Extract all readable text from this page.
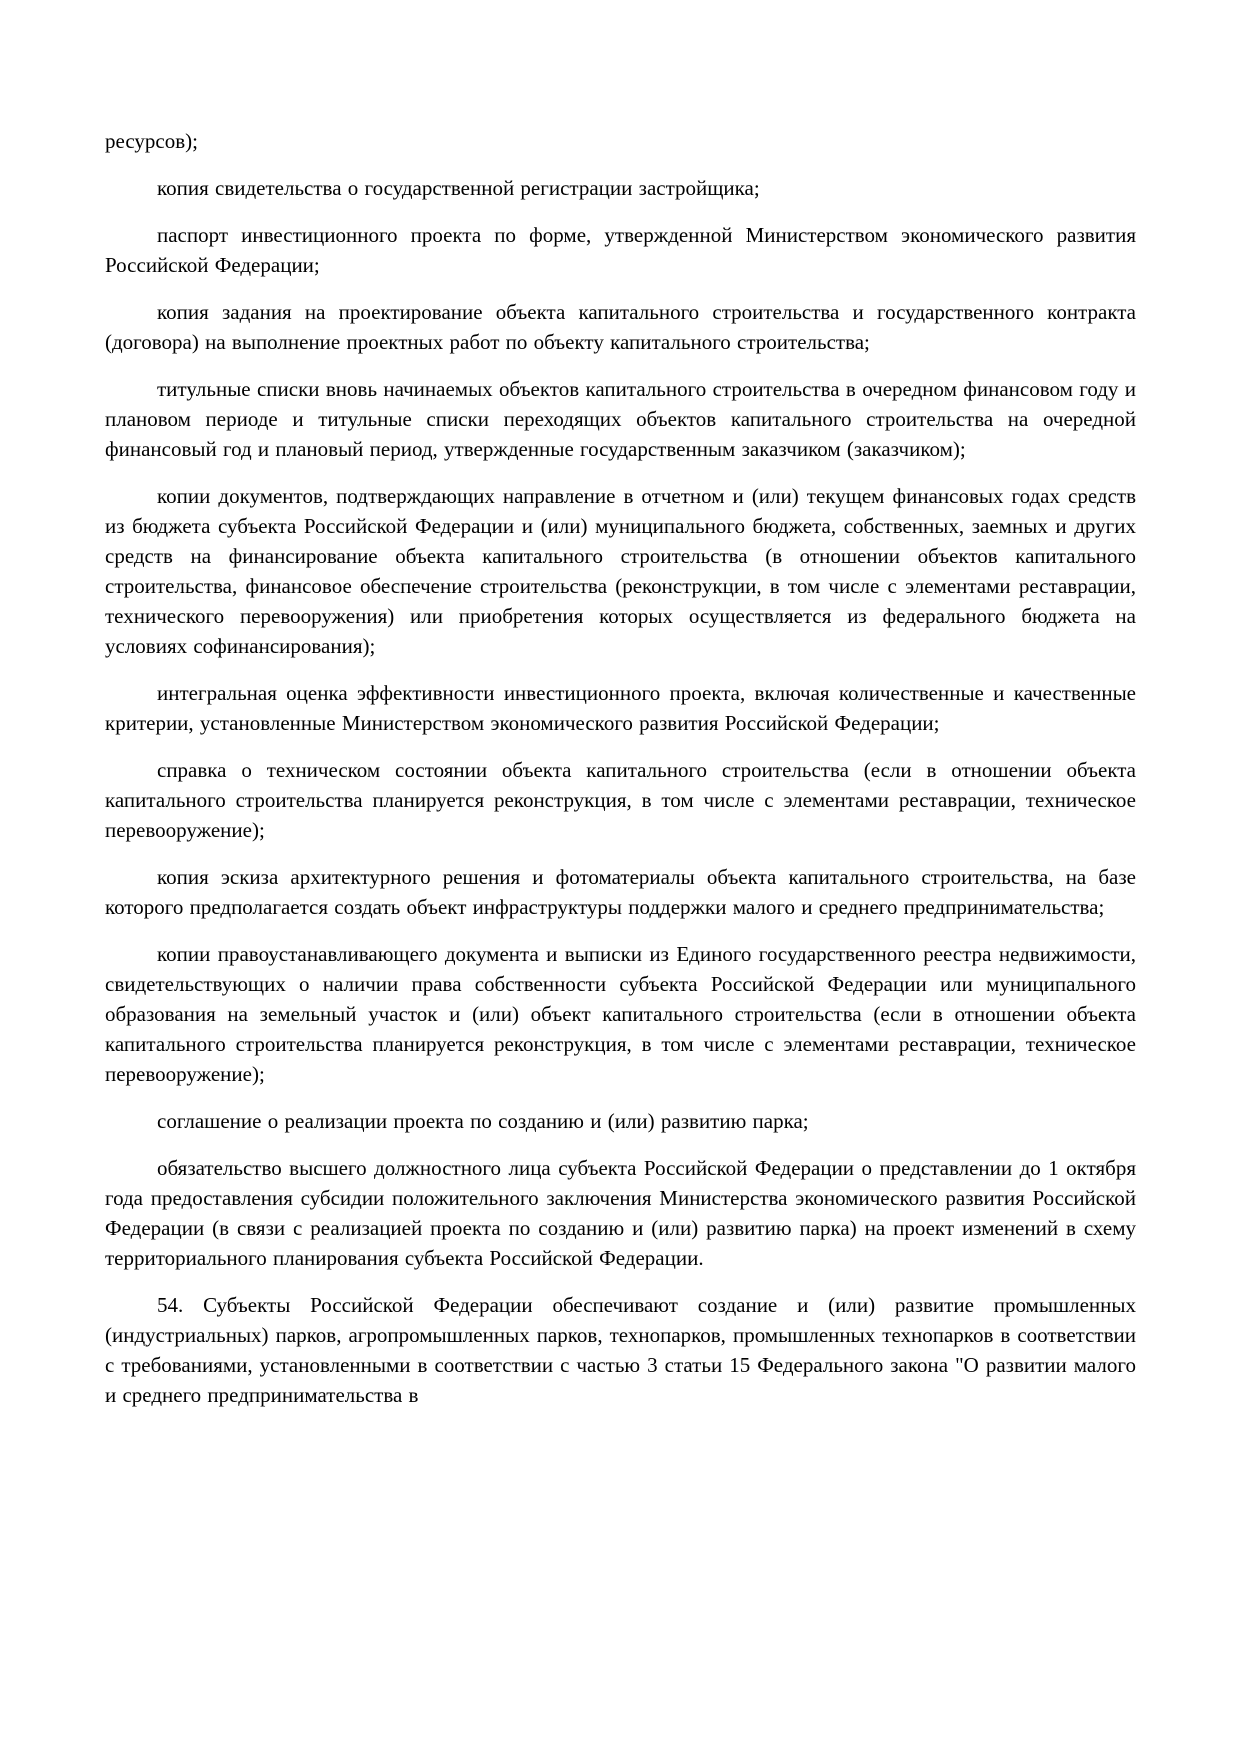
ресурсов);

копия свидетельства о государственной регистрации застройщика;

паспорт инвестиционного проекта по форме, утвержденной Министерством экономического развития Российской Федерации;

копия задания на проектирование объекта капитального строительства и государственного контракта (договора) на выполнение проектных работ по объекту капитального строительства;

титульные списки вновь начинаемых объектов капитального строительства в очередном финансовом году и плановом периоде и титульные списки переходящих объектов капитального строительства на очередной финансовый год и плановый период, утвержденные государственным заказчиком (заказчиком);

копии документов, подтверждающих направление в отчетном и (или) текущем финансовых годах средств из бюджета субъекта Российской Федерации и (или) муниципального бюджета, собственных, заемных и других средств на финансирование объекта капитального строительства (в отношении объектов капитального строительства, финансовое обеспечение строительства (реконструкции, в том числе с элементами реставрации, технического перевооружения) или приобретения которых осуществляется из федерального бюджета на условиях софинансирования);

интегральная оценка эффективности инвестиционного проекта, включая количественные и качественные критерии, установленные Министерством экономического развития Российской Федерации;

справка о техническом состоянии объекта капитального строительства (если в отношении объекта капитального строительства планируется реконструкция, в том числе с элементами реставрации, техническое перевооружение);

копия эскиза архитектурного решения и фотоматериалы объекта капитального строительства, на базе которого предполагается создать объект инфраструктуры поддержки малого и среднего предпринимательства;

копии правоустанавливающего документа и выписки из Единого государственного реестра недвижимости, свидетельствующих о наличии права собственности субъекта Российской Федерации или муниципального образования на земельный участок и (или) объект капитального строительства (если в отношении объекта капитального строительства планируется реконструкция, в том числе с элементами реставрации, техническое перевооружение);

соглашение о реализации проекта по созданию и (или) развитию парка;

обязательство высшего должностного лица субъекта Российской Федерации о представлении до 1 октября года предоставления субсидии положительного заключения Министерства экономического развития Российской Федерации (в связи с реализацией проекта по созданию и (или) развитию парка) на проект изменений в схему территориального планирования субъекта Российской Федерации.

54. Субъекты Российской Федерации обеспечивают создание и (или) развитие промышленных (индустриальных) парков, агропромышленных парков, технопарков, промышленных технопарков в соответствии с требованиями, установленными в соответствии с частью 3 статьи 15 Федерального закона "О развитии малого и среднего предпринимательства в
